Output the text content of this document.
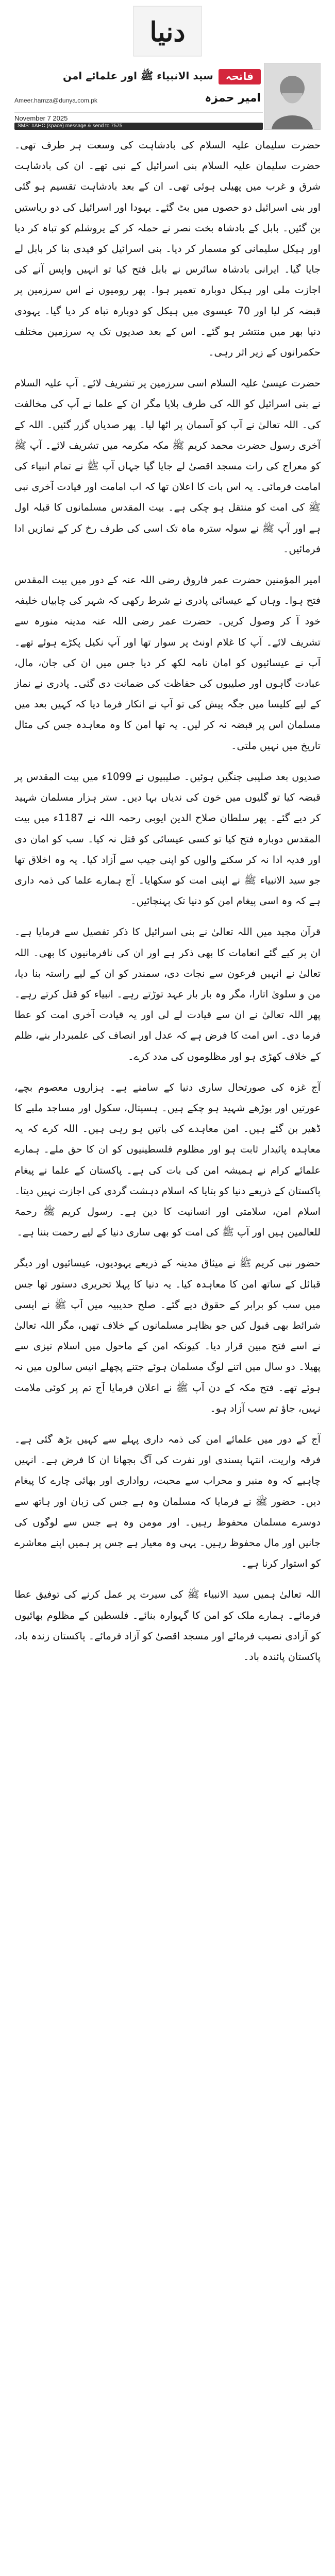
دنیا
فاتحہ
سید الانبیاء ﷺ اور علمائے امن
امیر حمزہ
Ameer.hamza@dunya.com.pk
November 7 2025
SMS: #AHC (space) message & send to 7575

حضرت سلیمان علیہ السلام کی بادشاہت کی وسعت ہر طرف تھی۔ حضرت سلیمان علیہ السلام بنی اسرائیل کے نبی تھے۔ ان کی بادشاہت شرق و غرب میں پھیلی ہوئی تھی۔ ان کے بعد بادشاہت تقسیم ہو گئی اور بنی اسرائیل دو حصوں میں بٹ گئے۔ یہودا اور اسرائیل کی دو ریاستیں بن گئیں۔ بابل کے بادشاہ بخت نصر نے حملہ کر کے یروشلم کو تباہ کر دیا اور ہیکل سلیمانی کو مسمار کر دیا۔ بنی اسرائیل کو قیدی بنا کر بابل لے جایا گیا۔ ایرانی بادشاہ سائرس نے بابل فتح کیا تو انہیں واپس آنے کی اجازت ملی اور ہیکل دوبارہ تعمیر ہوا۔ پھر رومیوں نے اس سرزمین پر قبضہ کر لیا اور 70 عیسوی میں ہیکل کو دوبارہ تباہ کر دیا گیا۔ یہودی دنیا بھر میں منتشر ہو گئے۔ اس کے بعد صدیوں تک یہ سرزمین مختلف حکمرانوں کے زیر اثر رہی۔

حضرت عیسیٰ علیہ السلام اسی سرزمین پر تشریف لائے۔ آپ علیہ السلام نے بنی اسرائیل کو اللہ کی طرف بلایا مگر ان کے علما نے آپ کی مخالفت کی۔ اللہ تعالیٰ نے آپ کو آسمان پر اٹھا لیا۔ پھر صدیاں گزر گئیں۔ اللہ کے آخری رسول حضرت محمد کریم ﷺ مکہ مکرمہ میں تشریف لائے۔ آپ ﷺ کو معراج کی رات مسجد اقصیٰ لے جایا گیا جہاں آپ ﷺ نے تمام انبیاء کی امامت فرمائی۔ یہ اس بات کا اعلان تھا کہ اب امامت اور قیادت آخری نبی ﷺ کی امت کو منتقل ہو چکی ہے۔ بیت المقدس مسلمانوں کا قبلہ اول ہے اور آپ ﷺ نے سولہ سترہ ماہ تک اسی کی طرف رخ کر کے نمازیں ادا فرمائیں۔

امیر المؤمنین حضرت عمر فاروق رضی اللہ عنہ کے دور میں بیت المقدس فتح ہوا۔ وہاں کے عیسائی پادری نے شرط رکھی کہ شہر کی چابیاں خلیفہ خود آ کر وصول کریں۔ حضرت عمر رضی اللہ عنہ مدینہ منورہ سے تشریف لائے۔ آپ کا غلام اونٹ پر سوار تھا اور آپ نکیل پکڑے ہوئے تھے۔ آپ نے عیسائیوں کو امان نامہ لکھ کر دیا جس میں ان کی جان، مال، عبادت گاہوں اور صلیبوں کی حفاظت کی ضمانت دی گئی۔ پادری نے نماز کے لیے کلیسا میں جگہ پیش کی تو آپ نے انکار فرما دیا کہ کہیں بعد میں مسلمان اس پر قبضہ نہ کر لیں۔ یہ تھا امن کا وہ معاہدہ جس کی مثال تاریخ میں نہیں ملتی۔

صدیوں بعد صلیبی جنگیں ہوئیں۔ صلیبیوں نے 1099ء میں بیت المقدس پر قبضہ کیا تو گلیوں میں خون کی ندیاں بہا دیں۔ ستر ہزار مسلمان شہید کر دیے گئے۔ پھر سلطان صلاح الدین ایوبی رحمہ اللہ نے 1187ء میں بیت المقدس دوبارہ فتح کیا تو کسی عیسائی کو قتل نہ کیا۔ سب کو امان دی اور فدیہ ادا نہ کر سکنے والوں کو اپنی جیب سے آزاد کیا۔ یہ وہ اخلاق تھا جو سید الانبیاء ﷺ نے اپنی امت کو سکھایا۔ آج ہمارے علما کی ذمہ داری ہے کہ وہ اسی پیغام امن کو دنیا تک پہنچائیں۔

قرآن مجید میں اللہ تعالیٰ نے بنی اسرائیل کا ذکر تفصیل سے فرمایا ہے۔ ان پر کیے گئے انعامات کا بھی ذکر ہے اور ان کی نافرمانیوں کا بھی۔ اللہ تعالیٰ نے انہیں فرعون سے نجات دی، سمندر کو ان کے لیے راستہ بنا دیا، من و سلویٰ اتارا، مگر وہ بار بار عہد توڑتے رہے۔ انبیاء کو قتل کرتے رہے۔ پھر اللہ تعالیٰ نے ان سے قیادت لے لی اور یہ قیادت آخری امت کو عطا فرما دی۔ اس امت کا فرض ہے کہ عدل اور انصاف کی علمبردار بنے، ظلم کے خلاف کھڑی ہو اور مظلوموں کی مدد کرے۔

آج غزہ کی صورتحال ساری دنیا کے سامنے ہے۔ ہزاروں معصوم بچے، عورتیں اور بوڑھے شہید ہو چکے ہیں۔ ہسپتال، سکول اور مساجد ملبے کا ڈھیر بن گئے ہیں۔ امن معاہدے کی باتیں ہو رہی ہیں۔ اللہ کرے کہ یہ معاہدہ پائیدار ثابت ہو اور مظلوم فلسطینیوں کو ان کا حق ملے۔ ہمارے علمائے کرام نے ہمیشہ امن کی بات کی ہے۔ پاکستان کے علما نے پیغام پاکستان کے ذریعے دنیا کو بتایا کہ اسلام دہشت گردی کی اجازت نہیں دیتا۔ اسلام امن، سلامتی اور انسانیت کا دین ہے۔ رسول کریم ﷺ رحمۃ للعالمین ہیں اور آپ ﷺ کی امت کو بھی ساری دنیا کے لیے رحمت بننا ہے۔

حضور نبی کریم ﷺ نے میثاق مدینہ کے ذریعے یہودیوں، عیسائیوں اور دیگر قبائل کے ساتھ امن کا معاہدہ کیا۔ یہ دنیا کا پہلا تحریری دستور تھا جس میں سب کو برابر کے حقوق دیے گئے۔ صلح حدیبیہ میں آپ ﷺ نے ایسی شرائط بھی قبول کیں جو بظاہر مسلمانوں کے خلاف تھیں، مگر اللہ تعالیٰ نے اسے فتح مبین قرار دیا۔ کیونکہ امن کے ماحول میں اسلام تیزی سے پھیلا۔ دو سال میں اتنے لوگ مسلمان ہوئے جتنے پچھلے انیس سالوں میں نہ ہوئے تھے۔ فتح مکہ کے دن آپ ﷺ نے اعلان فرمایا آج تم پر کوئی ملامت نہیں، جاؤ تم سب آزاد ہو۔

آج کے دور میں علمائے امن کی ذمہ داری پہلے سے کہیں بڑھ گئی ہے۔ فرقہ واریت، انتہا پسندی اور نفرت کی آگ بجھانا ان کا فرض ہے۔ انہیں چاہیے کہ وہ منبر و محراب سے محبت، رواداری اور بھائی چارے کا پیغام دیں۔ حضور ﷺ نے فرمایا کہ مسلمان وہ ہے جس کی زبان اور ہاتھ سے دوسرے مسلمان محفوظ رہیں۔ اور مومن وہ ہے جس سے لوگوں کی جانیں اور مال محفوظ رہیں۔ یہی وہ معیار ہے جس پر ہمیں اپنے معاشرے کو استوار کرنا ہے۔

اللہ تعالیٰ ہمیں سید الانبیاء ﷺ کی سیرت پر عمل کرنے کی توفیق عطا فرمائے۔ ہمارے ملک کو امن کا گہوارہ بنائے۔ فلسطین کے مظلوم بھائیوں کو آزادی نصیب فرمائے اور مسجد اقصیٰ کو آزاد فرمائے۔ پاکستان زندہ باد، پاکستان پائندہ باد۔
